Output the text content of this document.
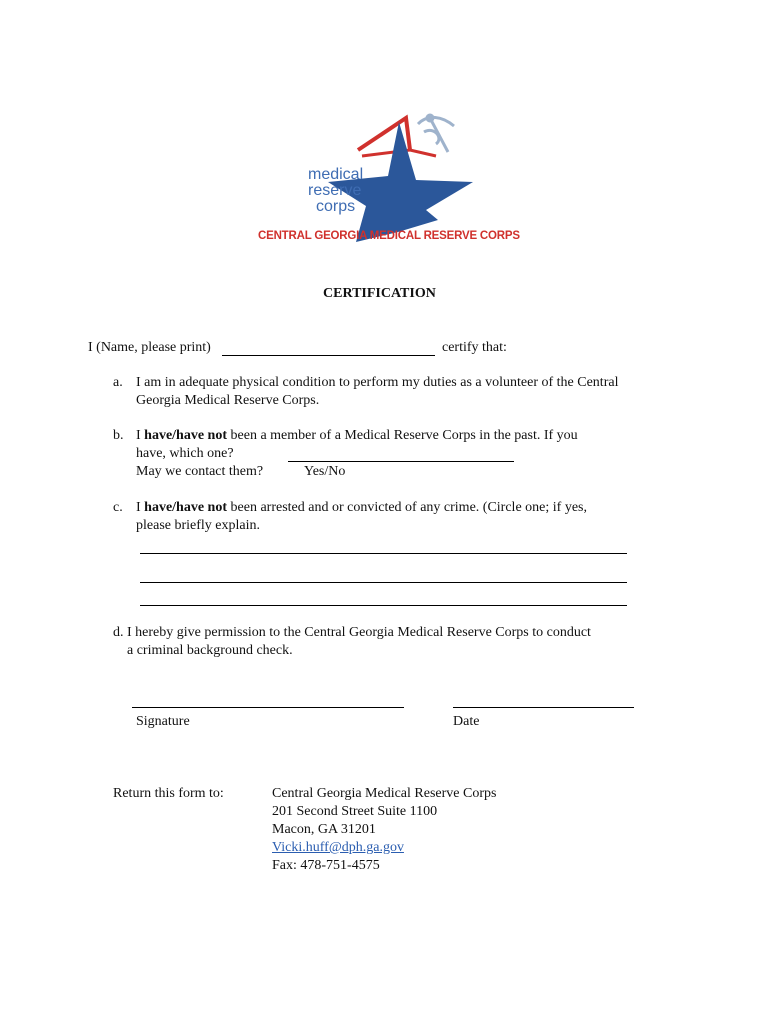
medical
reserve
corps
CENTRAL GEORGIA MEDICAL RESERVE CORPS
CERTIFICATION
I (Name, please print)	certify that:
a. I am in adequate physical condition to perform my duties as a volunteer of the Central
Georgia Medical Reserve Corps.
b. I have/have not been a member of a Medical Reserve Corps in the past. If you
have, which one?
May we contact them?	Yes/No
c. I have/have not been arrested and or convicted of any crime. (Circle one; if yes,
please briefly explain.
d. I hereby give permission to the Central Georgia Medical Reserve Corps to conduct
a criminal background check.
Signature	Date
Return this form to:	Central Georgia Medical Reserve Corps
201 Second Street Suite 1100
Macon, GA 31201
Vicki.huff@dph.ga.gov
Fax: 478-751-4575
